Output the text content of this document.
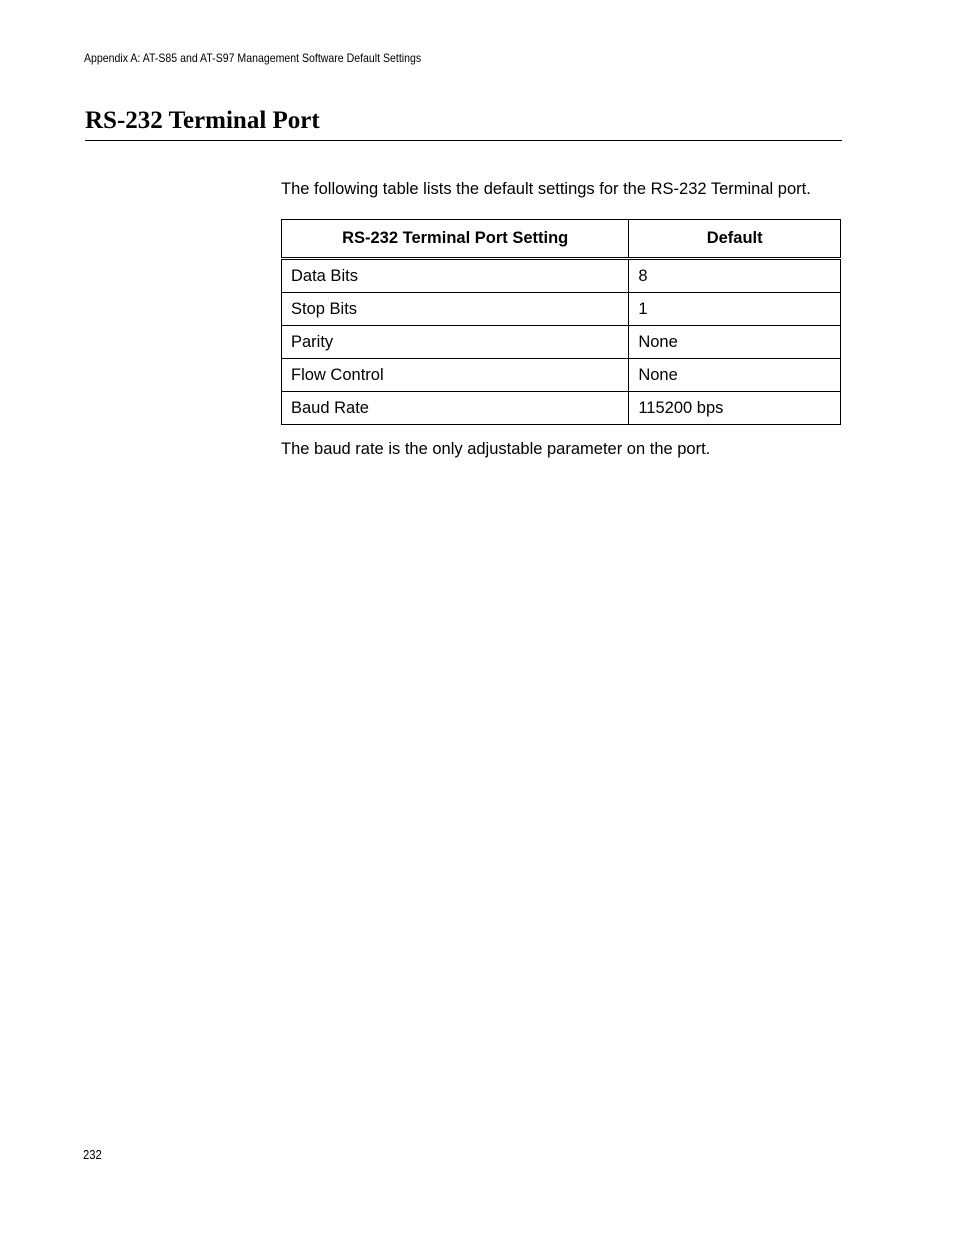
Appendix A: AT-S85 and AT-S97 Management Software Default Settings
RS-232 Terminal Port

The following table lists the default settings for the RS-232 Terminal port.

RS-232 Terminal Port Setting	Default
Data Bits	8
Stop Bits	1
Parity	None
Flow Control	None
Baud Rate	115200 bps

The baud rate is the only adjustable parameter on the port.

232
